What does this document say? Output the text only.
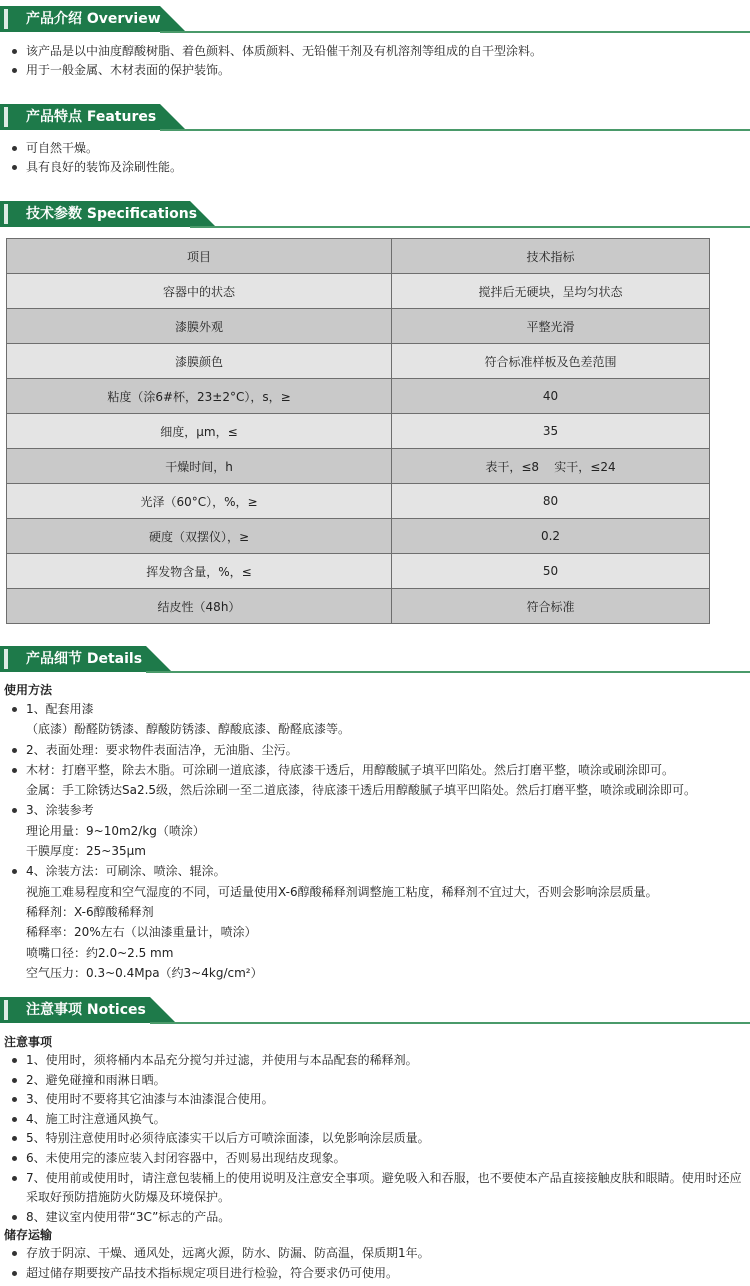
产品介绍 Overview
该产品是以中油度醇酸树脂、着色颜料、体质颜料、无铅催干剂及有机溶剂等组成的自干型涂料。
用于一般金属、木材表面的保护装饰。
产品特点 Features
可自然干燥。
具有良好的装饰及涂刷性能。
技术参数 Specifications
项目	技术指标
容器中的状态	搅拌后无硬块，呈均匀状态
漆膜外观	平整光滑
漆膜颜色	符合标准样板及色差范围
粘度（涂6#杯，23±2°C），s，≥	40
细度，μm，≤	35
干燥时间，h	表干，≤8    实干，≤24
光泽（60°C），%，≥	80
硬度（双摆仪），≥	0.2
挥发物含量，%，≤	50
结皮性（48h）	符合标准
产品细节 Details
使用方法
1、配套用漆
（底漆）酚醛防锈漆、醇酸防锈漆、醇酸底漆、酚醛底漆等。
2、表面处理：要求物件表面洁净，无油脂、尘污。
木材：打磨平整，除去木脂。可涂刷一道底漆，待底漆干透后，用醇酸腻子填平凹陷处。然后打磨平整，喷涂或刷涂即可。
金属：手工除锈达Sa2.5级，然后涂刷一至二道底漆，待底漆干透后用醇酸腻子填平凹陷处。然后打磨平整，喷涂或刷涂即可。
3、涂装参考
理论用量：9~10m2/kg（喷涂）
干膜厚度：25~35μm
4、涂装方法：可刷涂、喷涂、辊涂。
视施工难易程度和空气湿度的不同，可适量使用X-6醇酸稀释剂调整施工粘度，稀释剂不宜过大，否则会影响涂层质量。
稀释剂：X-6醇酸稀释剂
稀释率：20%左右（以油漆重量计，喷涂）
喷嘴口径：约2.0~2.5 mm
空气压力：0.3~0.4Mpa（约3~4kg/cm²）
注意事项 Notices
注意事项
1、使用时，须将桶内本品充分搅匀并过滤，并使用与本品配套的稀释剂。
2、避免碰撞和雨淋日晒。
3、使用时不要将其它油漆与本油漆混合使用。
4、施工时注意通风换气。
5、特别注意使用时必须待底漆实干以后方可喷涂面漆，以免影响涂层质量。
6、未使用完的漆应装入封闭容器中，否则易出现结皮现象。
7、使用前或使用时，请注意包装桶上的使用说明及注意安全事项。避免吸入和吞服，也不要使本产品直接接触皮肤和眼睛。使用时还应采取好预防措施防火防爆及环境保护。
8、建议室内使用带“3C”标志的产品。
储存运输
存放于阴凉、干燥、通风处，远离火源，防水、防漏、防高温，保质期1年。
超过储存期要按产品技术指标规定项目进行检验，符合要求仍可使用。
